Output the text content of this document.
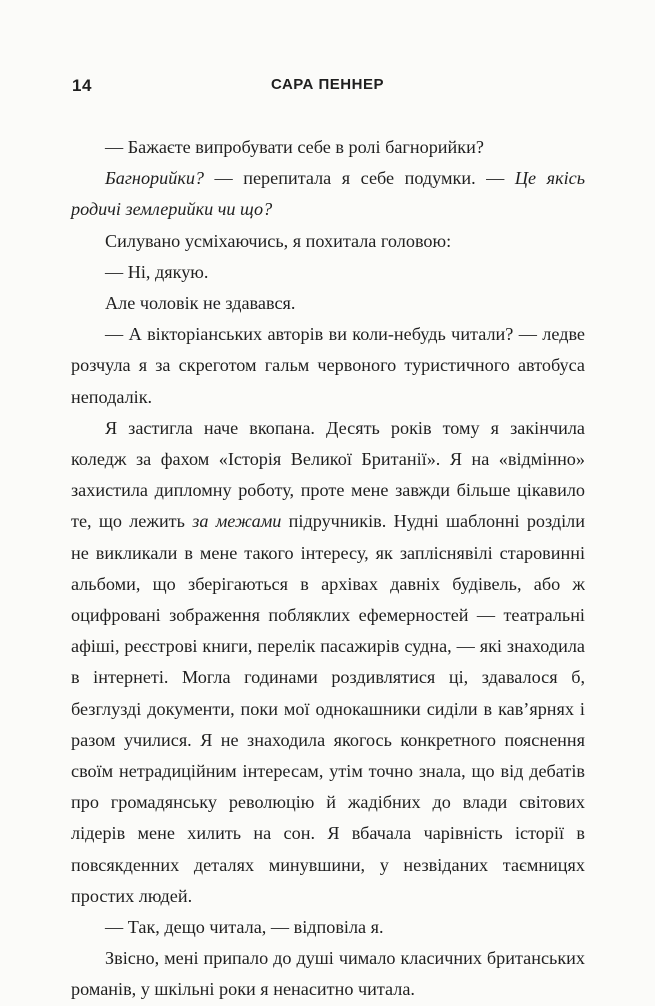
14	САРА ПЕННЕР

— Бажаєте випробувати себе в ролі багнорийки?

Багнорийки? — перепитала я себе подумки. — Це якісь родичі землерийки чи що?

Силувано усміхаючись, я похитала головою:

— Ні, дякую.

Але чоловік не здавався.

— А вікторіанських авторів ви коли-небудь читали? — ледве розчула я за скреготом гальм червоного туристичного автобуса неподалік.

Я застигла наче вкопана. Десять років тому я закінчила коледж за фахом «Історія Великої Британії». Я на «відмінно» захистила дипломну роботу, проте мене завжди більше цікавило те, що лежить за межами підручників. Нудні шаблонні розділи не викликали в мене такого інтересу, як запліснявілі старовинні альбоми, що зберігаються в архівах давніх будівель, або ж оцифровані зображення побляклих ефемерностей — театральні афіші, реєстрові книги, перелік пасажирів судна, — які знаходила в інтернеті. Могла годинами роздивлятися ці, здавалося б, безглузді документи, поки мої однокашники сиділи в кав’ярнях і разом училися. Я не знаходила якогось конкретного пояснення своїм нетрадиційним інтересам, утім точно знала, що від дебатів про громадянську революцію й жадібних до влади світових лідерів мене хилить на сон. Я вбачала чарівність історії в повсякденних деталях минувшини, у незвіданих таємницях простих людей.

— Так, дещо читала, — відповіла я.

Звісно, мені припало до душі чимало класичних британських романів, у шкільні роки я ненаситно читала.
